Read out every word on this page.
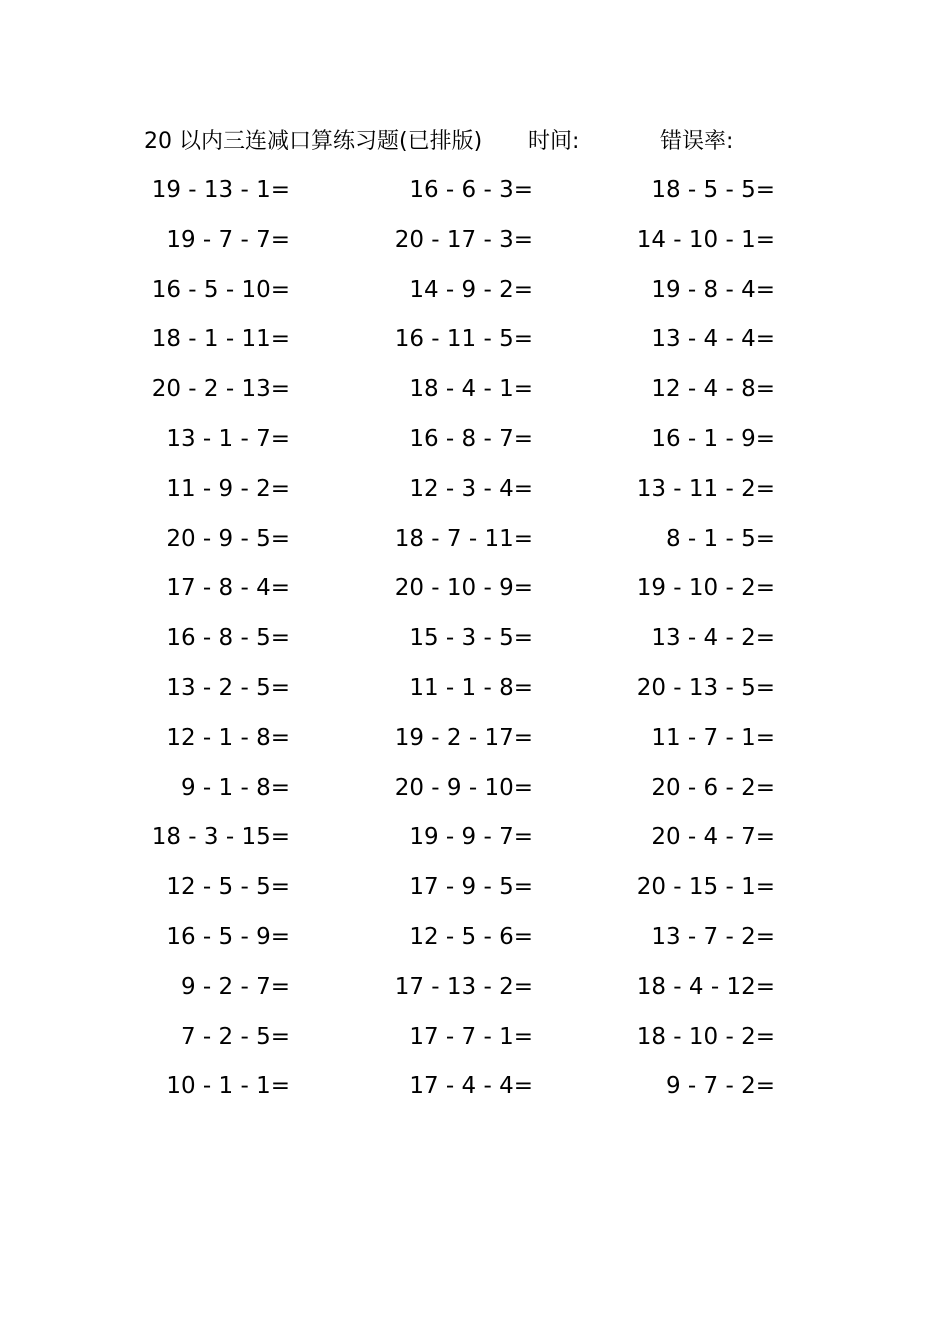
20 以内三连减口算练习题(已排版) 时间:	错误率:
19 - 13 - 1=
19 - 7 - 7=
16 - 5 - 10=
18 - 1 - 11=
20 - 2 - 13=
13 - 1 - 7=
11 - 9 - 2=
20 - 9 - 5=
17 - 8 - 4=
16 - 8 - 5=
13 - 2 - 5=
12 - 1 - 8=
9 - 1 - 8=
18 - 3 - 15=
12 - 5 - 5=
16 - 5 - 9=
9 - 2 - 7=
7 - 2 - 5=
10 - 1 - 1=
16 - 6 - 3=
20 - 17 - 3=
14 - 9 - 2=
16 - 11 - 5=
18 - 4 - 1=
16 - 8 - 7=
12 - 3 - 4=
18 - 7 - 11=
20 - 10 - 9=
15 - 3 - 5=
11 - 1 - 8=
19 - 2 - 17=
20 - 9 - 10=
19 - 9 - 7=
17 - 9 - 5=
12 - 5 - 6=
17 - 13 - 2=
17 - 7 - 1=
17 - 4 - 4=
18 - 5 - 5=
14 - 10 - 1=
19 - 8 - 4=
13 - 4 - 4=
12 - 4 - 8=
16 - 1 - 9=
13 - 11 - 2=
8 - 1 - 5=
19 - 10 - 2=
13 - 4 - 2=
20 - 13 - 5=
11 - 7 - 1=
20 - 6 - 2=
20 - 4 - 7=
20 - 15 - 1=
13 - 7 - 2=
18 - 4 - 12=
18 - 10 - 2=
9 - 7 - 2=
